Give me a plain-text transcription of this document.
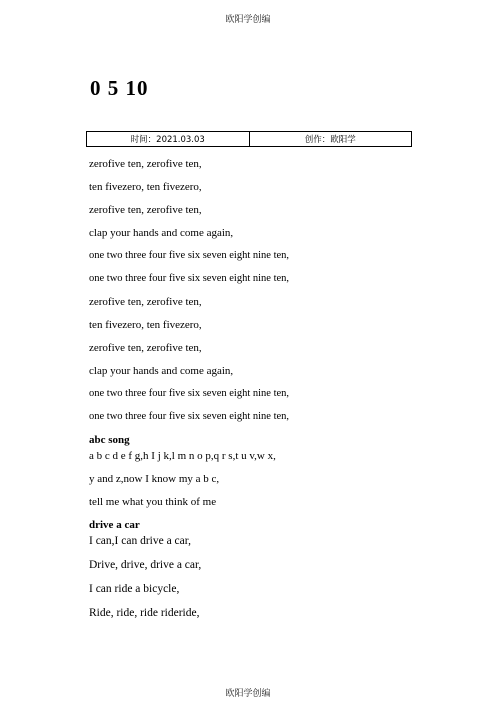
欧阳学创编
0 5 10
时间：2021.03.03	创作：欧阳学
zerofive ten, zerofive ten,
ten fivezero, ten fivezero,
zerofive ten, zerofive ten,
clap your hands and come again,
one two three four five six seven eight nine ten,
one two three four five six seven eight nine ten,
zerofive ten, zerofive ten,
ten fivezero, ten fivezero,
zerofive ten, zerofive ten,
clap your hands and come again,
one two three four five six seven eight nine ten,
one two three four five six seven eight nine ten,
abc song
a b c d e f g,h I j k,l m n o p,q r s,t u v,w x,
y and z,now I know my a b c,
tell me what you think of me
drive a car
I can,I can drive a car,
Drive, drive, drive a car,
I can ride a bicycle,
Ride, ride, ride rideride,
欧阳学创编
